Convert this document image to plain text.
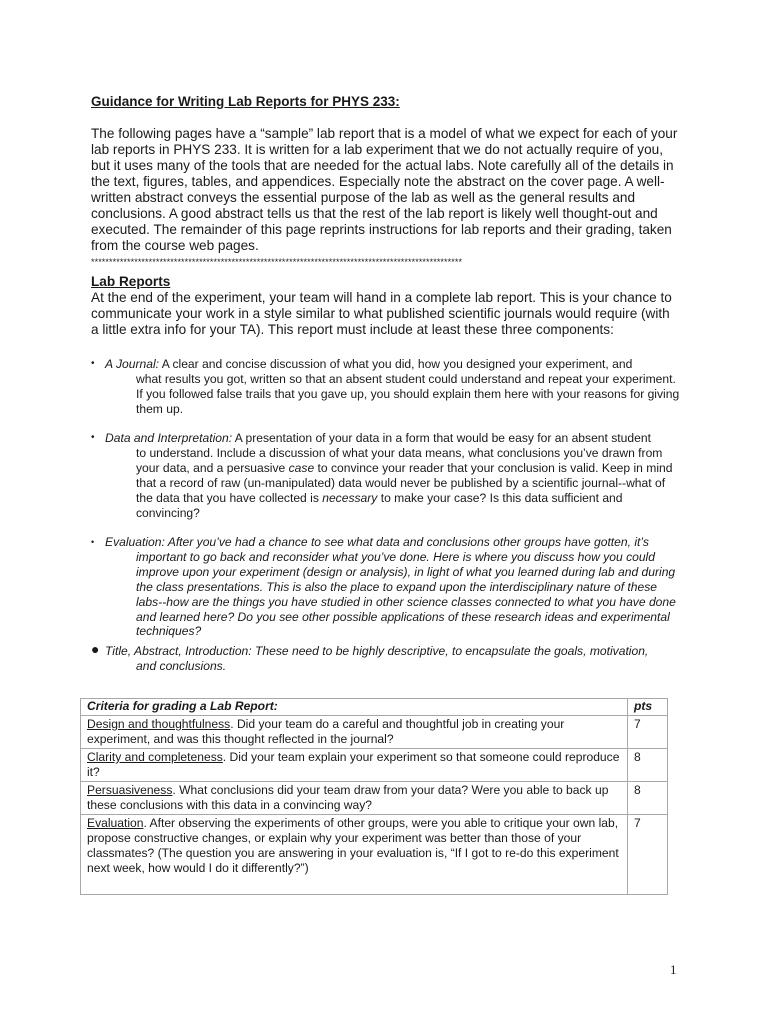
Guidance for Writing Lab Reports for PHYS 233:

The following pages have a “sample” lab report that is a model of what we expect for each of your lab reports in PHYS 233. It is written for a lab experiment that we do not actually require of you, but it uses many of the tools that are needed for the actual labs. Note carefully all of the details in the text, figures, tables, and appendices. Especially note the abstract on the cover page. A well-written abstract conveys the essential purpose of the lab as well as the general results and conclusions. A good abstract tells us that the rest of the lab report is likely well thought-out and executed. The remainder of this page reprints instructions for lab reports and their grading, taken from the course web pages.

*******************************************************************************************************
Lab Reports

At the end of the experiment, your team will hand in a complete lab report. This is your chance to communicate your work in a style similar to what published scientific journals would require (with a little extra info for your TA). This report must include at least these three components:

• A Journal: A clear and concise discussion of what you did, how you designed your experiment, and
what results you got, written so that an absent student could understand and repeat your experiment. If you followed false trails that you gave up, you should explain them here with your reasons for giving them up.
• Data and Interpretation: A presentation of your data in a form that would be easy for an absent student
to understand. Include a discussion of what your data means, what conclusions you’ve drawn from your data, and a persuasive case to convince your reader that your conclusion is valid. Keep in mind that a record of raw (un-manipulated) data would never be published by a scientific journal--what of the data that you have collected is necessary to make your case? Is this data sufficient and convincing?
• Evaluation: After you’ve had a chance to see what data and conclusions other groups have gotten, it’s
important to go back and reconsider what you’ve done. Here is where you discuss how you could improve upon your experiment (design or analysis), in light of what you learned during lab and during the class presentations. This is also the place to expand upon the interdisciplinary nature of these labs--how are the things you have studied in other science classes connected to what you have done and learned here? Do you see other possible applications of these research ideas and experimental techniques?
● Title, Abstract, Introduction: These need to be highly descriptive, to encapsulate the goals, motivation,
and conclusions.
Criteria for grading a Lab Report:	pts
Design and thoughtfulness. Did your team do a careful and thoughtful job in creating your experiment, and was this thought reflected in the journal?	7
Clarity and completeness. Did your team explain your experiment so that someone could reproduce it?	8
Persuasiveness. What conclusions did your team draw from your data? Were you able to back up these conclusions with this data in a convincing way?	8
Evaluation. After observing the experiments of other groups, were you able to critique your own lab, propose constructive changes, or explain why your experiment was better than those of your classmates? (The question you are answering in your evaluation is, “If I got to re-do this experiment next week, how would I do it differently?”)	7
1
